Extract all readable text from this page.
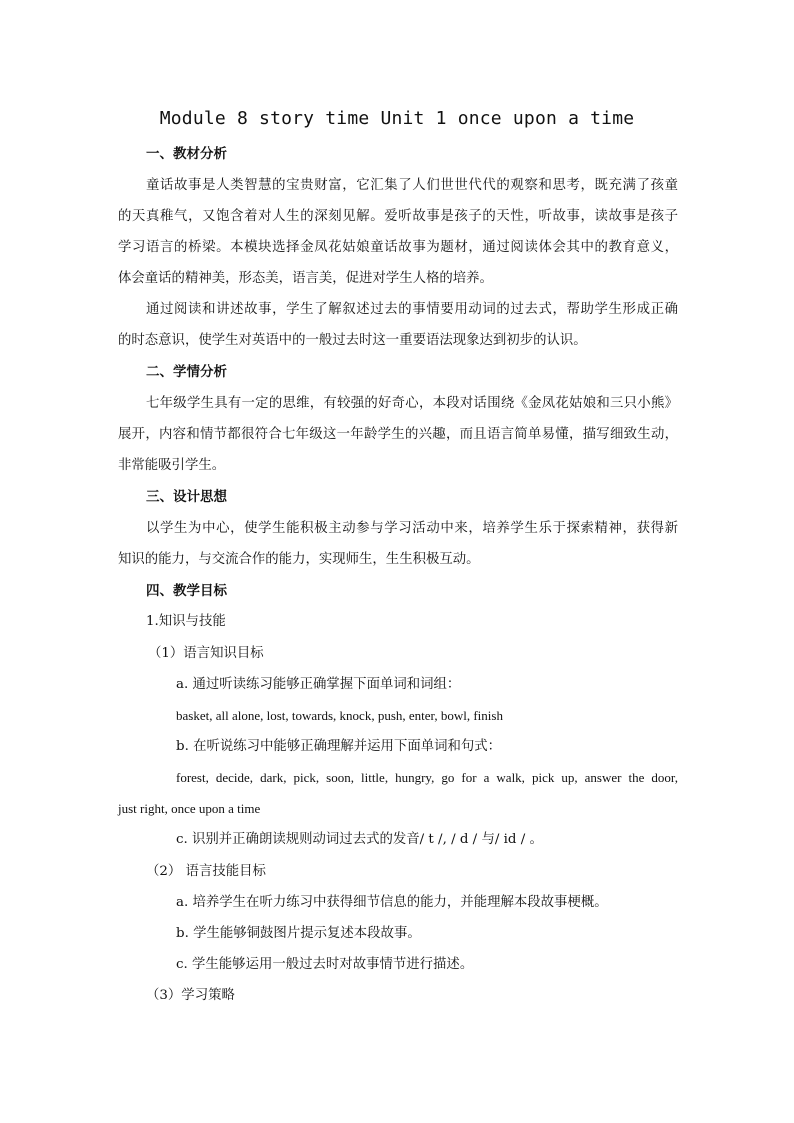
Module 8 story time Unit 1 once upon a time
一、教材分析
童话故事是人类智慧的宝贵财富，它汇集了人们世世代代的观察和思考，既充满了孩童
的天真稚气，又饱含着对人生的深刻见解。爱听故事是孩子的天性，听故事，读故事是孩子
学习语言的桥梁。本模块选择金凤花姑娘童话故事为题材，通过阅读体会其中的教育意义，
体会童话的精神美，形态美，语言美，促进对学生人格的培养。
通过阅读和讲述故事，学生了解叙述过去的事情要用动词的过去式，帮助学生形成正确
的时态意识，使学生对英语中的一般过去时这一重要语法现象达到初步的认识。
二、学情分析
七年级学生具有一定的思维，有较强的好奇心，本段对话围绕《金凤花姑娘和三只小熊》
展开，内容和情节都很符合七年级这一年龄学生的兴趣，而且语言简单易懂，描写细致生动，
非常能吸引学生。
三、设计思想
以学生为中心，使学生能积极主动参与学习活动中来，培养学生乐于探索精神，获得新
知识的能力，与交流合作的能力，实现师生，生生积极互动。
四、教学目标
1.知识与技能
（1）语言知识目标
a. 通过听读练习能够正确掌握下面单词和词组：
basket, all alone, lost, towards, knock, push, enter, bowl, finish
b. 在听说练习中能够正确理解并运用下面单词和句式：
forest, decide, dark, pick, soon, little, hungry, go for a walk, pick up, answer the door,
just right, once upon a time
c. 识别并正确朗读规则动词过去式的发音/ t /, / d / 与/ id / 。
（2） 语言技能目标
a. 培养学生在听力练习中获得细节信息的能力，并能理解本段故事梗概。
b. 学生能够铜鼓图片提示复述本段故事。
c. 学生能够运用一般过去时对故事情节进行描述。
（3）学习策略
